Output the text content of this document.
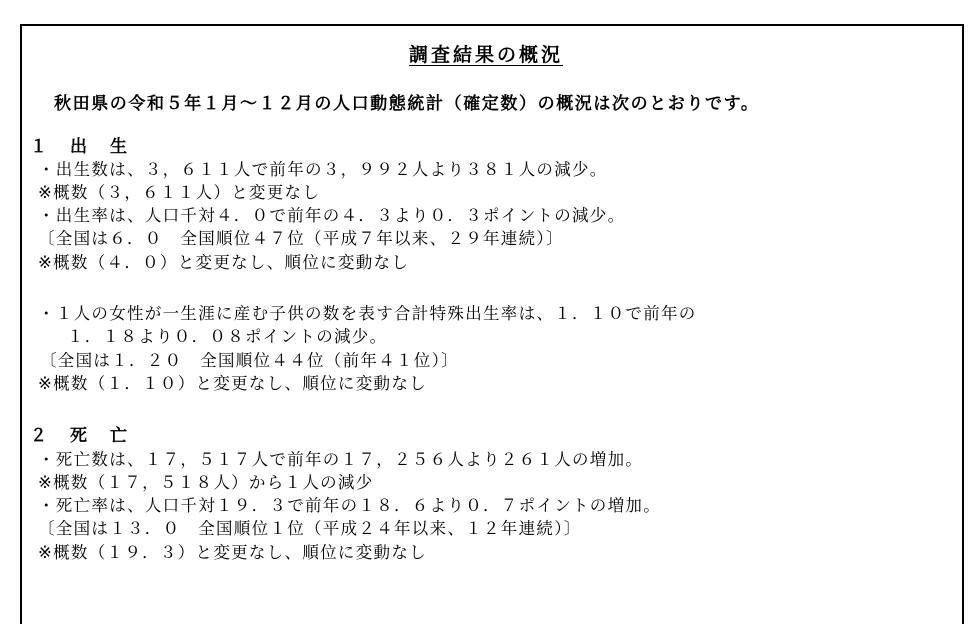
調査結果の概況
秋田県の令和５年１月～１２月の人口動態統計（確定数）の概況は次のとおりです。
１　出　生
・出生数は、３，６１１人で前年の３，９９２人より３８１人の減少。
※概数（３，６１１人）と変更なし
・出生率は、人口千対４．０で前年の４．３より０．３ポイントの減少。
〔全国は６．０　全国順位４７位（平成７年以来、２９年連続）〕
※概数（４．０）と変更なし、順位に変動なし
・１人の女性が一生涯に産む子供の数を表す合計特殊出生率は、１．１０で前年の
１．１８より０．０８ポイントの減少。
〔全国は１．２０　全国順位４４位（前年４１位）〕
※概数（１．１０）と変更なし、順位に変動なし
２　死　亡
・死亡数は、１７，５１７人で前年の１７，２５６人より２６１人の増加。
※概数（１７，５１８人）から１人の減少
・死亡率は、人口千対１９．３で前年の１８．６より０．７ポイントの増加。
〔全国は１３．０　全国順位１位（平成２４年以来、１２年連続）〕
※概数（１９．３）と変更なし、順位に変動なし
